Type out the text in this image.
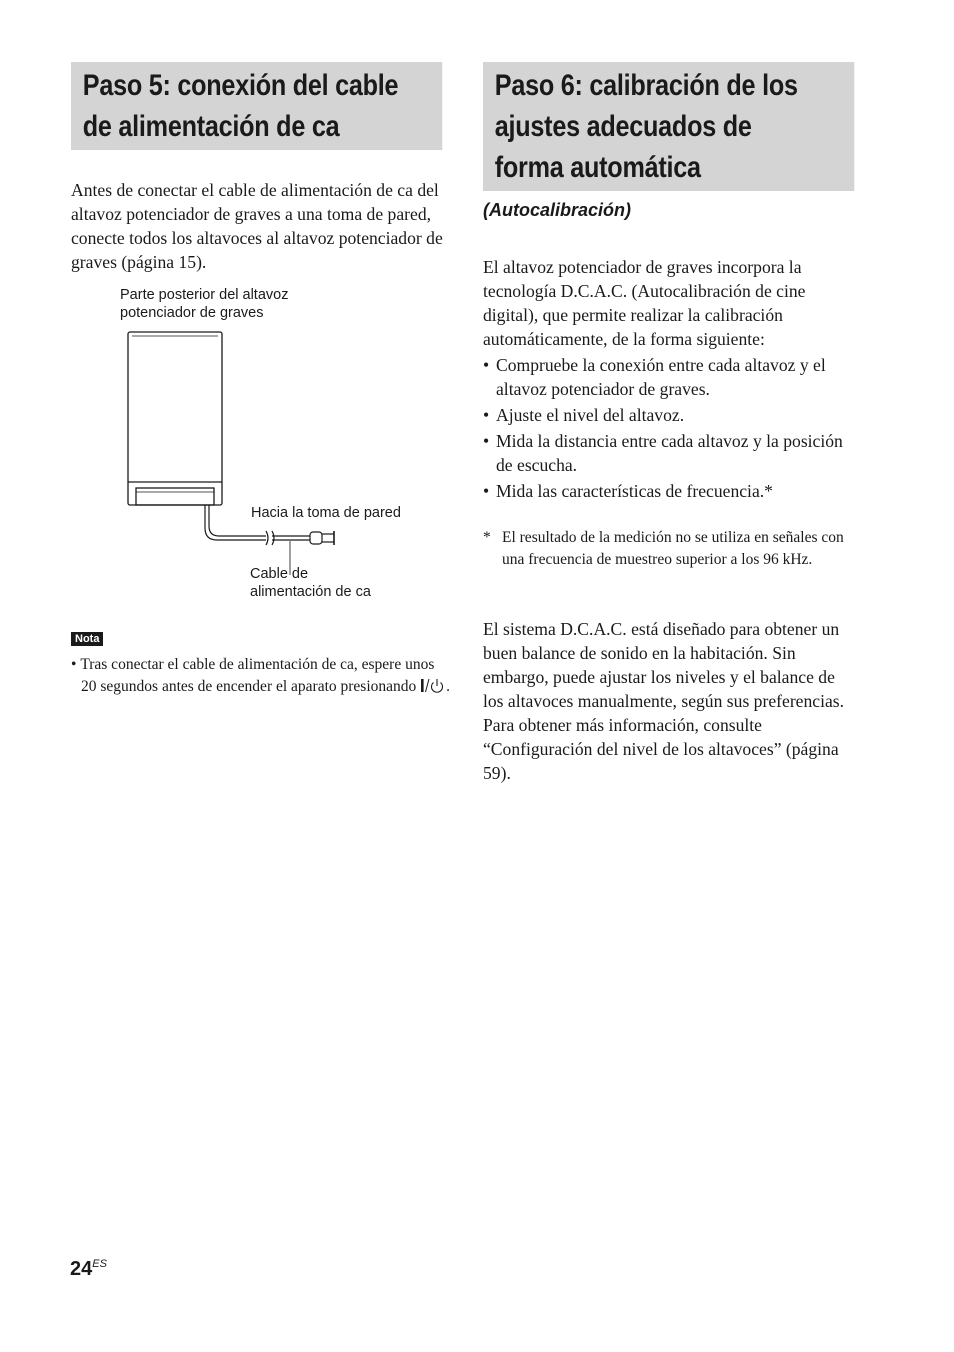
Paso 5: conexión del cable
de alimentación de ca

Antes de conectar el cable de alimentación de ca del altavoz potenciador de graves a una toma de pared, conecte todos los altavoces al altavoz potenciador de graves (página 15).

Parte posterior del altavoz
potenciador de graves
Hacia la toma de pared
Cable de
alimentación de ca
Nota

• Tras conectar el cable de alimentación de ca, espere unos 20 segundos antes de encender el aparato presionando .

Paso 6: calibración de los
ajustes adecuados de
forma automática
(Autocalibración)

El altavoz potenciador de graves incorpora la tecnología D.C.A.C. (Autocalibración de cine digital), que permite realizar la calibración automáticamente, de la forma siguiente:

• Compruebe la conexión entre cada altavoz y el altavoz potenciador de graves.
• Ajuste el nivel del altavoz.
• Mida la distancia entre cada altavoz y la posición de escucha.
• Mida las características de frecuencia.*
* El resultado de la medición no se utiliza en señales con una frecuencia de muestreo superior a los 96 kHz.

El sistema D.C.A.C. está diseñado para obtener un buen balance de sonido en la habitación. Sin embargo, puede ajustar los niveles y el balance de los altavoces manualmente, según sus preferencias. Para obtener más información, consulte “Configuración del nivel de los altavoces” (página 59).

$24^{ES}$
